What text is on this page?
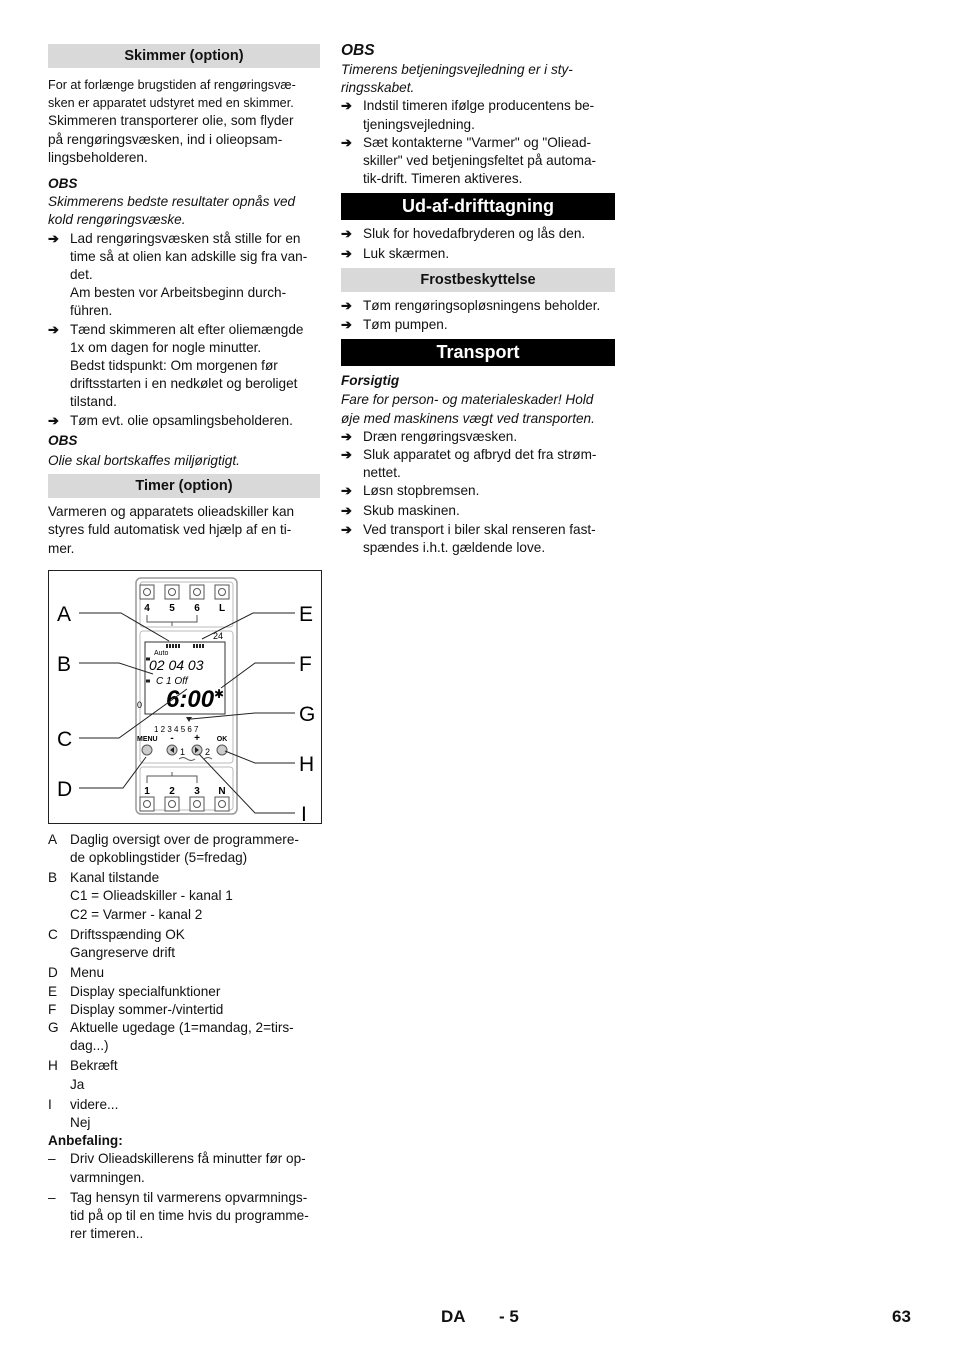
Skimmer (option)

For at forlænge brugstiden af rengøringsvæ-

sken er apparatet udstyret med en skimmer.

Skimmeren transporterer olie, som flyder

på rengøringsvæsken, ind i olieopsam-

lingsbeholderen.

OBS

Skimmerens bedste resultater opnås ved

kold rengøringsvæske.

➔ Lad rengøringsvæsken stå stille for en
time så at olien kan adskille sig fra van-
det.
Am besten vor Arbeitsbeginn durch-
führen.
➔ Tænd skimmeren alt efter oliemængde
1x om dagen for nogle minutter.
Bedst tidspunkt: Om morgenen før
driftsstarten i en nedkølet og beroliget
tilstand.
➔ Tøm evt. olie opsamlingsbeholderen.

OBS

Olie skal bortskaffes miljørigtigt.

Timer (option)

Varmeren og apparatets olieadskiller kan

styres fuld automatisk ved hjælp af en ti-

mer.

4 5 6 L
24
0
Auto
02 04 03
C 1 Off
6:00 ✱
1 2 3 4 5 6 7
MENU - + OK
1 2
1 2 3 N
A
B
C
D
E
F
G
H
I
A Daglig oversigt over de programmere-
de opkoblingstider (5=fredag)
B Kanal tilstande
C1 = Olieadskiller - kanal 1
C2 = Varmer - kanal 2
C Driftsspænding OK
Gangreserve drift
D Menu
E Display specialfunktioner
F	Display sommer-/vintertid
G Aktuelle ugedage (1=mandag, 2=tirs-
dag...)
H Bekræft
Ja
I	videre...
Nej

Anbefaling:

–	Driv Olieadskillerens få minutter før op-
varmningen.
–	Tag hensyn til varmerens opvarmnings-
tid på op til en time hvis du programme-
rer timeren..

OBS

Timerens betjeningsvejledning er i sty-

ringsskabet.

➔ Indstil timeren ifølge producentens be-
tjeningsvejledning.
➔ Sæt kontakterne "Varmer" og "Oliead-
skiller" ved betjeningsfeltet på automa-
tik-drift. Timeren aktiveres.
Ud-af-drifttagning
➔ Sluk for hovedafbryderen og lås den.
➔ Luk skærmen.
Frostbeskyttelse
➔ Tøm rengøringsopløsningens beholder.
➔ Tøm pumpen.
Transport

Forsigtig

Fare for person- og materialeskader! Hold

øje med maskinens vægt ved transporten.

➔ Dræn rengøringsvæsken.
➔ Sluk apparatet og afbryd det fra strøm-
nettet.
➔ Løsn stopbremsen.
➔ Skub maskinen.
➔ Ved transport i biler skal renseren fast-
spændes i.h.t. gældende love.
DA - 5	63
